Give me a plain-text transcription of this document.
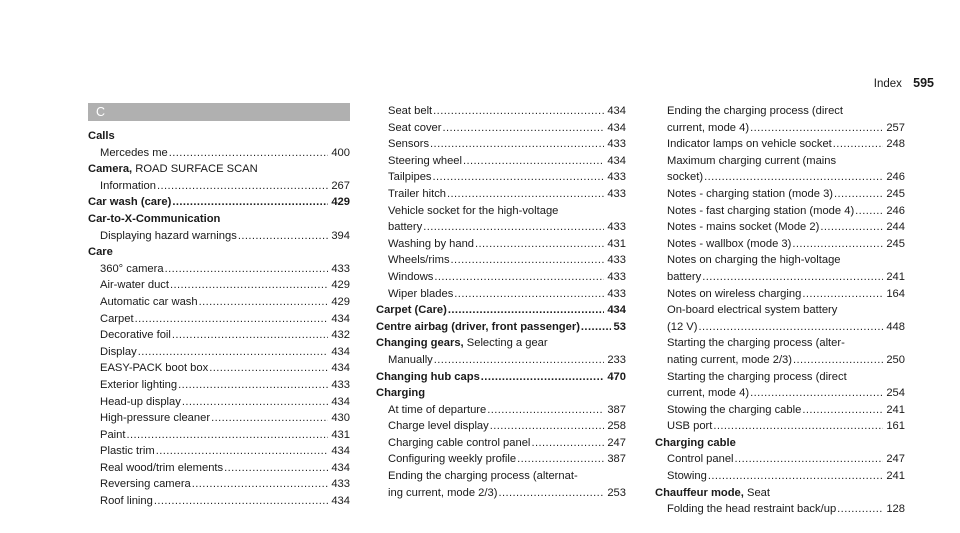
Index 595
C
Calls
Mercedes me .....	400
Camera, ROAD SURFACE SCAN
Information .....	267
Car wash (care) .....	429
Car-to-X-Communication
Displaying hazard warnings .....	394
Care
360° camera .....	433
Air-water duct .....	429
Automatic car wash .....	429
Carpet .....	434
Decorative foil .....	432
Display .....	434
EASY-PACK boot box .....	434
Exterior lighting .....	433
Head-up display .....	434
High-pressure cleaner .....	430
Paint .....	431
Plastic trim .....	434
Real wood/trim elements .....	434
Reversing camera .....	433
Roof lining .....	434
Seat belt .....	434
Seat cover .....	434
Sensors .....	433
Steering wheel .....	434
Tailpipes .....	433
Trailer hitch .....	433
Vehicle socket for the high-voltage
battery .....	433
Washing by hand .....	431
Wheels/rims .....	433
Windows .....	433
Wiper blades .....	433
Carpet (Care) .....	434
Centre airbag (driver, front passenger) .....	53
Changing gears, Selecting a gear
Manually .....	233
Changing hub caps .....	470
Charging
At time of departure .....	387
Charge level display .....	258
Charging cable control panel .....	247
Configuring weekly profile .....	387
Ending the charging process (alternat-
ing current, mode 2/3) .....	253
Ending the charging process (direct
current, mode 4) .....	257
Indicator lamps on vehicle socket .....	248
Maximum charging current (mains
socket) .....	246
Notes - charging station (mode 3) .....	245
Notes - fast charging station (mode 4) .....	246
Notes - mains socket (Mode 2) .....	244
Notes - wallbox (mode 3) .....	245
Notes on charging the high-voltage
battery .....	241
Notes on wireless charging .....	164
On-board electrical system battery
(12 V) .....	448
Starting the charging process (alter-
nating current, mode 2/3) .....	250
Starting the charging process (direct
current, mode 4) .....	254
Stowing the charging cable .....	241
USB port .....	161
Charging cable
Control panel .....	247
Stowing .....	241
Chauffeur mode, Seat
Folding the head restraint back/up .....	128
